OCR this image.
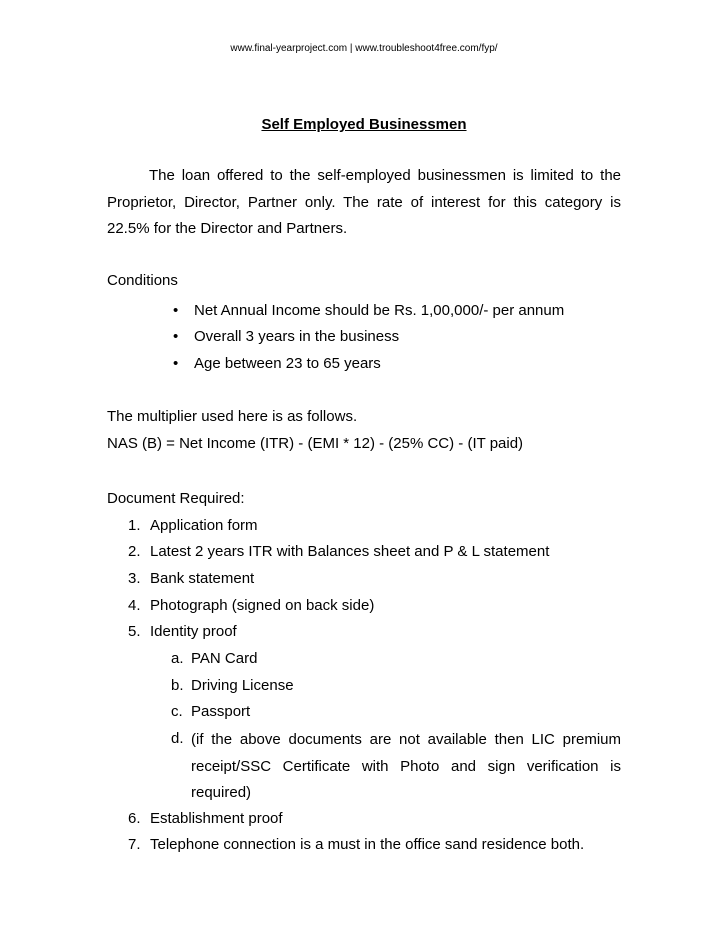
www.final-yearproject.com | www.troubleshoot4free.com/fyp/
Self Employed Businessmen
The loan offered to the self-employed businessmen is limited to the Proprietor, Director, Partner only. The rate of interest for this category is 22.5% for the Director and Partners.
Conditions
• Net Annual Income should be Rs. 1,00,000/- per annum
• Overall 3 years in the business
• Age between 23 to 65 years
The multiplier used here is as follows.
NAS (B) = Net Income (ITR) - (EMI * 12) - (25% CC) - (IT paid)
Document Required:
1. Application form
2. Latest 2 years ITR with Balances sheet and P & L statement
3. Bank statement
4. Photograph (signed on back side)
5. Identity proof
a. PAN Card
b. Driving License
c. Passport
d. (if the above documents are not available then LIC premium receipt/SSC Certificate with Photo and sign verification is required)
6. Establishment proof
7. Telephone connection is a must in the office sand residence both.
